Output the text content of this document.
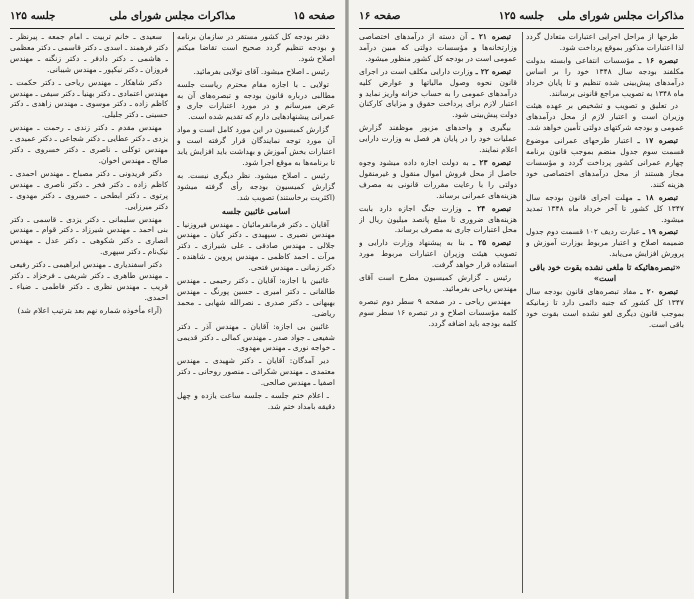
صفحه ۱۵
مذاکرات مجلس شورای ملی
جلسه ۱۲۵

دفتر بودجه کل کشور مستقر در سازمان برنامه و بودجه تنظیم گردد صحیح است تقاضا میکنم اصلاح شود.

رئیس ـ اصلاح میشود. آقای تولایی بفرمائید.

تولایی ـ با اجازه مقام محترم ریاست جلسه مطالبی درباره قانون بودجه و تبصره‌های آن به عرض میرسانم و در مورد اعتبارات جاری و عمرانی پیشنهادهایی دارم که تقدیم شده است.

گزارش کمیسیون در این مورد کامل است و مواد آن مورد توجه نمایندگان قرار گرفته است و اعتبارات بخش آموزش و بهداشت باید افزایش یابد تا برنامه‌ها به موقع اجرا شود.

رئیس ـ اصلاح میشود. نظر دیگری نیست. به گزارش کمیسیون بودجه رأی گرفته میشود (اکثریت برخاستند) تصویب شد.

اسامی غائبین جلسه

آقایان ـ دکتر فرمانفرمائیان ـ مهندس فیروزنیا ـ مهندس نصیری ـ سپهبدی ـ دکتر کیان ـ مهندس جلالی ـ مهندس صادقی ـ علی شیرازی ـ دکتر مرآت ـ احمد کاظمی ـ مهندس پروین ـ شاهنده ـ دکتر زمانی ـ مهندس فتحی.

غائبین با اجازه: آقایان ـ دکتر رحیمی ـ مهندس طالقانی ـ دکتر امیری ـ حسین پورنگ ـ مهندس بهبهانی ـ دکتر صدری ـ نصرالله شهابی ـ محمد ریاضی.

غائبین بی اجازه: آقایان ـ مهندس آذر ـ دکتر شفیعی ـ جواد صدر ـ مهندس کمالی ـ دکتر قدیمی ـ خواجه نوری ـ مهندس مهدوی.

دیر آمدگان: آقایان ـ دکتر شهیدی ـ مهندس معتمدی ـ مهندس شکرائی ـ منصور روحانی ـ دکتر اصفیا ـ مهندس صالحی.

ـ اعلام ختم جلسه ـ جلسه ساعت یازده و چهل دقیقه بامداد ختم شد.

سعیدی ـ خانم تربیت ـ امام جمعه ـ پیرنظر ـ دکتر فرهمند ـ اسدی ـ دکتر قاسمی ـ دکتر معظمی ـ هاشمی ـ دکتر دادفر ـ دکتر زنگنه ـ مهندس فروزان ـ دکتر نیکپور ـ مهندس شیبانی.

دکتر شاهکار ـ مهندس ریاحی ـ دکتر حکمت ـ مهندس اعتمادی ـ دکتر بهنیا ـ دکتر سیفی ـ مهندس کاظم زاده ـ دکتر موسوی ـ مهندس زاهدی ـ دکتر حسینی ـ دکتر جلیلی.

مهندس مقدم ـ دکتر زندی ـ رحمت ـ مهندس یزدی ـ دکتر عطایی ـ دکتر شجاعی ـ دکتر عمیدی ـ مهندس توکلی ـ ناصری ـ دکتر خسروی ـ دکتر صالح ـ مهندس اخوان.

دکتر فریدونی ـ دکتر مصباح ـ مهندس احمدی ـ کاظم زاده ـ دکتر فخر ـ دکتر ناصری ـ مهندس پرتوی ـ دکتر ابطحی ـ خسروی ـ دکتر مهدوی ـ دکتر میرزایی.

مهندس سلیمانی ـ دکتر یزدی ـ قاسمی ـ دکتر بنی احمد ـ مهندس شیرزاد ـ دکتر قوام ـ مهندس انصاری ـ دکتر شکوهی ـ دکتر عدل ـ مهندس نیک‌نام ـ دکتر سپهری.

دکتر اسفندیاری ـ مهندس ابراهیمی ـ دکتر رفیعی ـ مهندس طاهری ـ دکتر شریفی ـ فرخزاد ـ دکتر قریب ـ مهندس نظری ـ دکتر فاطمی ـ ضیاء ـ احمدی.

(آراء مأخوذه شماره نهم بعد بترتیب اعلام شد)

مذاکرات مجلس شورای ملی
جلسه ۱۲۵
صفحه ۱۶

طرحها از مراحل اجرایی اعتبارات متعادل گردد لذا اعتبارات مذکور بموقع پرداخت شود.

تبصره ۱۶ ـ مؤسسات انتفاعی وابسته بدولت مکلفند بودجه سال ۱۳۴۸ خود را بر اساس درآمدهای پیش‌بینی شده تنظیم و تا پایان خرداد ماه ۱۳۴۸ به تصویب مراجع قانونی برسانند.

در تعلیق و تصویب و تشخیص بر عهده هیئت وزیران است و اعتبار لازم از محل درآمدهای عمومی و بودجه شرکتهای دولتی تأمین خواهد شد.

تبصره ۱۷ ـ اعتبار طرحهای عمرانی موضوع قسمت سوم جدول منضم بموجب قانون برنامه چهارم عمرانی کشور پرداخت گردد و مؤسسات مجاز هستند از محل درآمدهای اختصاصی خود هزینه کنند.

تبصره ۱۸ ـ مهلت اجرای قانون بودجه سال ۱۳۴۷ کل کشور تا آخر خرداد ماه ۱۳۴۸ تمدید میشود.

تبصره ۱۹ ـ عبارت ردیف ۱۰۲ قسمت دوم جدول ضمیمه اصلاح و اعتبار مربوط بوزارت آموزش و پرورش افزایش می‌یابد.

«تبصره‌هائیکه تا ملغی نشده بقوت خود باقی است»

تبصره ۲۰ ـ مفاد تبصره‌های قانون بودجه سال ۱۳۴۷ کل کشور که جنبه دائمی دارد تا زمانیکه بموجب قانون دیگری لغو نشده است بقوت خود باقی است.

تبصره ۲۱ ـ آن دسته از درآمدهای اختصاصی وزارتخانه‌ها و مؤسسات دولتی که مبین درآمد عمومی است در بودجه کل کشور منظور میشود.

تبصره ۲۲ ـ وزارت دارایی مکلف است در اجرای قانون نحوه وصول مالیاتها و عوارض کلیه درآمدهای عمومی را به حساب خزانه واریز نماید و اعتبار لازم برای پرداخت حقوق و مزایای کارکنان دولت پیش‌بینی شود.

بیگیری و واحدهای مزبور موظفند گزارش عملیات خود را در پایان هر فصل به وزارت دارایی اعلام نمایند.

تبصره ۲۳ ـ به دولت اجازه داده میشود وجوه حاصل از محل فروش اموال منقول و غیرمنقول دولتی را با رعایت مقررات قانونی به مصرف هزینه‌های عمرانی برساند.

تبصره ۲۴ ـ وزارت جنگ اجازه دارد بابت هزینه‌های ضروری تا مبلغ پانصد میلیون ریال از محل اعتبارات جاری به مصرف برساند.

تبصره ۲۵ ـ بنا به پیشنهاد وزارت دارایی و تصویب هیئت وزیران اعتبارات مربوط مورد استفاده قرار خواهد گرفت.

رئیس ـ گزارش کمیسیون مطرح است آقای مهندس ریاحی بفرمائید.

مهندس ریاحی ـ در صفحه ۹ سطر دوم تبصره کلمه مؤسسات اصلاح و در تبصره ۱۶ سطر سوم کلمه بودجه باید اضافه گردد.
